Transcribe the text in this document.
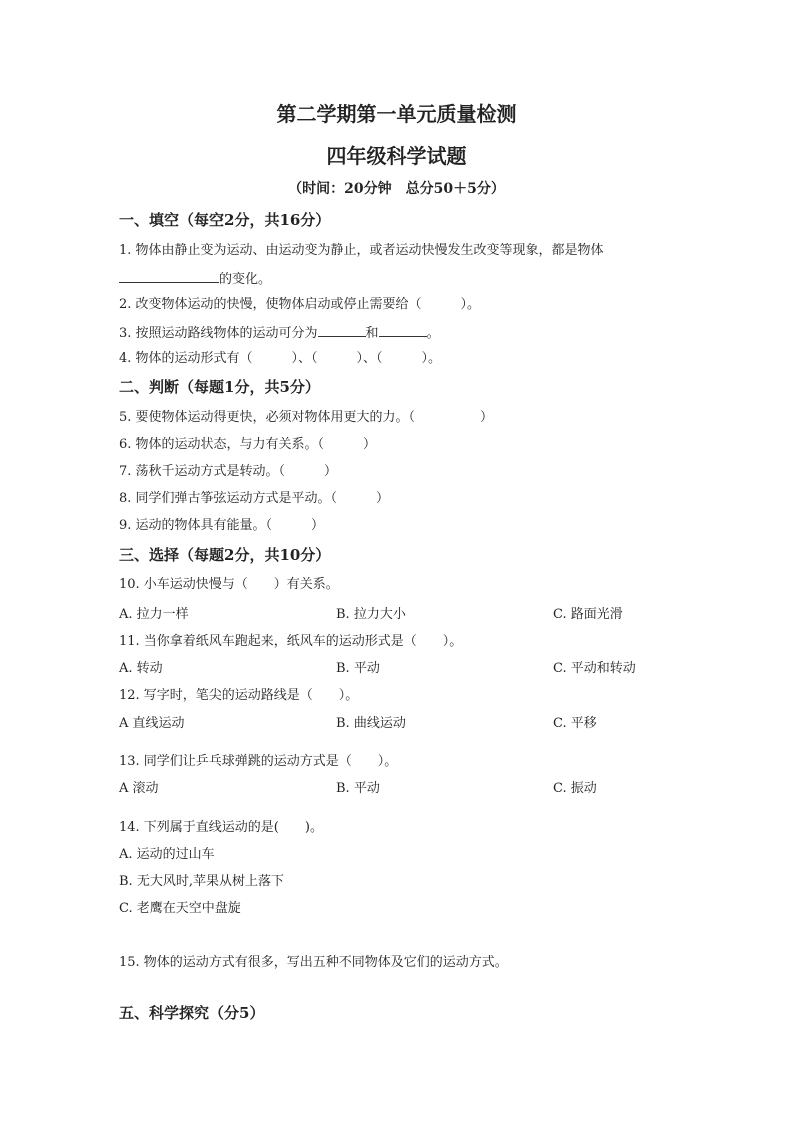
第二学期第一单元质量检测
四年级科学试题
（时间：20分钟　总分50＋5分）
一、填空（每空2分，共16分）
1. 物体由静止变为运动、由运动变为静止，或者运动快慢发生改变等现象，都是物体
的变化。
2. 改变物体运动的快慢，使物体启动或停止需要给（　　　）。
3. 按照运动路线物体的运动可分为	和	。
4. 物体的运动形式有（　　　）、（　　　）、（　　　）。
二、判断（每题1分，共5分）
5. 要使物体运动得更快，必须对物体用更大的力。（　　　　　）
6. 物体的运动状态，与力有关系。（　　　）
7. 荡秋千运动方式是转动。（　　　）
8. 同学们弹古筝弦运动方式是平动。（　　　）
9. 运动的物体具有能量。（　　　）
三、选择（每题2分，共10分）
10. 小车运动快慢与（　　）有关系。
A. 拉力一样	B. 拉力大小	C. 路面光滑
11. 当你拿着纸风车跑起来，纸风车的运动形式是（　　）。
A. 转动	B. 平动	C. 平动和转动
12. 写字时，笔尖的运动路线是（　　）。
A 直线运动	B. 曲线运动	C. 平移
13. 同学们让乒乓球弹跳的运动方式是（　　）。
A 滚动	B. 平动	C. 振动
14. 下列属于直线运动的是(　　)。
A. 运动的过山车
B. 无大风时,苹果从树上落下
C. 老鹰在天空中盘旋
15. 物体的运动方式有很多，写出五种不同物体及它们的运动方式。
五、科学探究（分5）
